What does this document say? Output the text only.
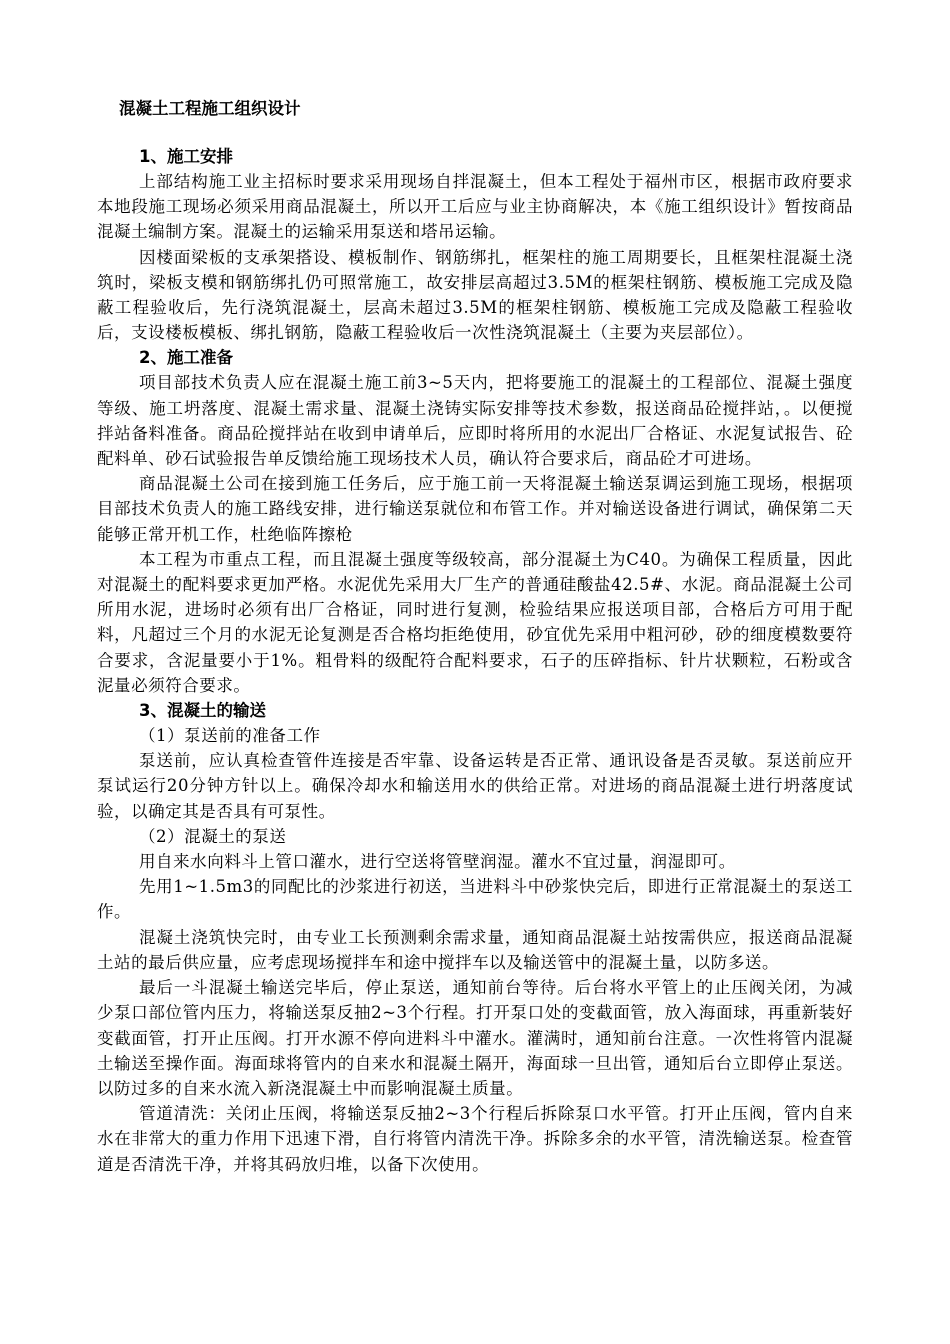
混凝土工程施工组织设计
1、施工安排

上部结构施工业主招标时要求采用现场自拌混凝土，但本工程处于福州市区，根据市政府要求本地段施工现场必须采用商品混凝土，所以开工后应与业主协商解决，本《施工组织设计》暂按商品混凝土编制方案。混凝土的运输采用泵送和塔吊运输。

因楼面梁板的支承架搭设、模板制作、钢筋绑扎，框架柱的施工周期要长，且框架柱混凝土浇筑时，梁板支模和钢筋绑扎仍可照常施工，故安排层高超过3.5M的框架柱钢筋、模板施工完成及隐蔽工程验收后，先行浇筑混凝土，层高未超过3.5M的框架柱钢筋、模板施工完成及隐蔽工程验收后，支设楼板模板、绑扎钢筋，隐蔽工程验收后一次性浇筑混凝土（主要为夹层部位）。

2、施工准备

项目部技术负责人应在混凝土施工前3~5天内，把将要施工的混凝土的工程部位、混凝土强度等级、施工坍落度、混凝土需求量、混凝土浇铸实际安排等技术参数，报送商品砼搅拌站，。以便搅拌站备料准备。商品砼搅拌站在收到申请单后，应即时将所用的水泥出厂合格证、水泥复试报告、砼配料单、砂石试验报告单反馈给施工现场技术人员，确认符合要求后，商品砼才可进场。

商品混凝土公司在接到施工任务后，应于施工前一天将混凝土输送泵调运到施工现场，根据项目部技术负责人的施工路线安排，进行输送泵就位和布管工作。并对输送设备进行调试，确保第二天能够正常开机工作，杜绝临阵擦枪

本工程为市重点工程，而且混凝土强度等级较高，部分混凝土为C40。为确保工程质量，因此对混凝土的配料要求更加严格。水泥优先采用大厂生产的普通硅酸盐42.5#、水泥。商品混凝土公司所用水泥，进场时必须有出厂合格证，同时进行复测，检验结果应报送项目部，合格后方可用于配料，凡超过三个月的水泥无论复测是否合格均拒绝使用，砂宜优先采用中粗河砂，砂的细度模数要符合要求，含泥量要小于1%。粗骨料的级配符合配料要求，石子的压碎指标、针片状颗粒，石粉或含泥量必须符合要求。

3、混凝土的输送
（1）泵送前的准备工作

泵送前，应认真检查管件连接是否牢靠、设备运转是否正常、通讯设备是否灵敏。泵送前应开泵试运行20分钟方针以上。确保冷却水和输送用水的供给正常。对进场的商品混凝土进行坍落度试验，以确定其是否具有可泵性。

（2）混凝土的泵送

用自来水向料斗上管口灌水，进行空送将管壁润湿。灌水不宜过量，润湿即可。

先用1~1.5m3的同配比的沙浆进行初送，当进料斗中砂浆快完后，即进行正常混凝土的泵送工作。

混凝土浇筑快完时，由专业工长预测剩余需求量，通知商品混凝土站按需供应，报送商品混凝土站的最后供应量，应考虑现场搅拌车和途中搅拌车以及输送管中的混凝土量，以防多送。

最后一斗混凝土输送完毕后，停止泵送，通知前台等待。后台将水平管上的止压阀关闭，为减少泵口部位管内压力，将输送泵反抽2~3个行程。打开泵口处的变截面管，放入海面球，再重新装好变截面管，打开止压阀。打开水源不停向进料斗中灌水。灌满时，通知前台注意。一次性将管内混凝土输送至操作面。海面球将管内的自来水和混凝土隔开，海面球一旦出管，通知后台立即停止泵送。以防过多的自来水流入新浇混凝土中而影响混凝土质量。

管道清洗：关闭止压阀，将输送泵反抽2~3个行程后拆除泵口水平管。打开止压阀，管内自来水在非常大的重力作用下迅速下滑，自行将管内清洗干净。拆除多余的水平管，清洗输送泵。检查管道是否清洗干净，并将其码放归堆，以备下次使用。
